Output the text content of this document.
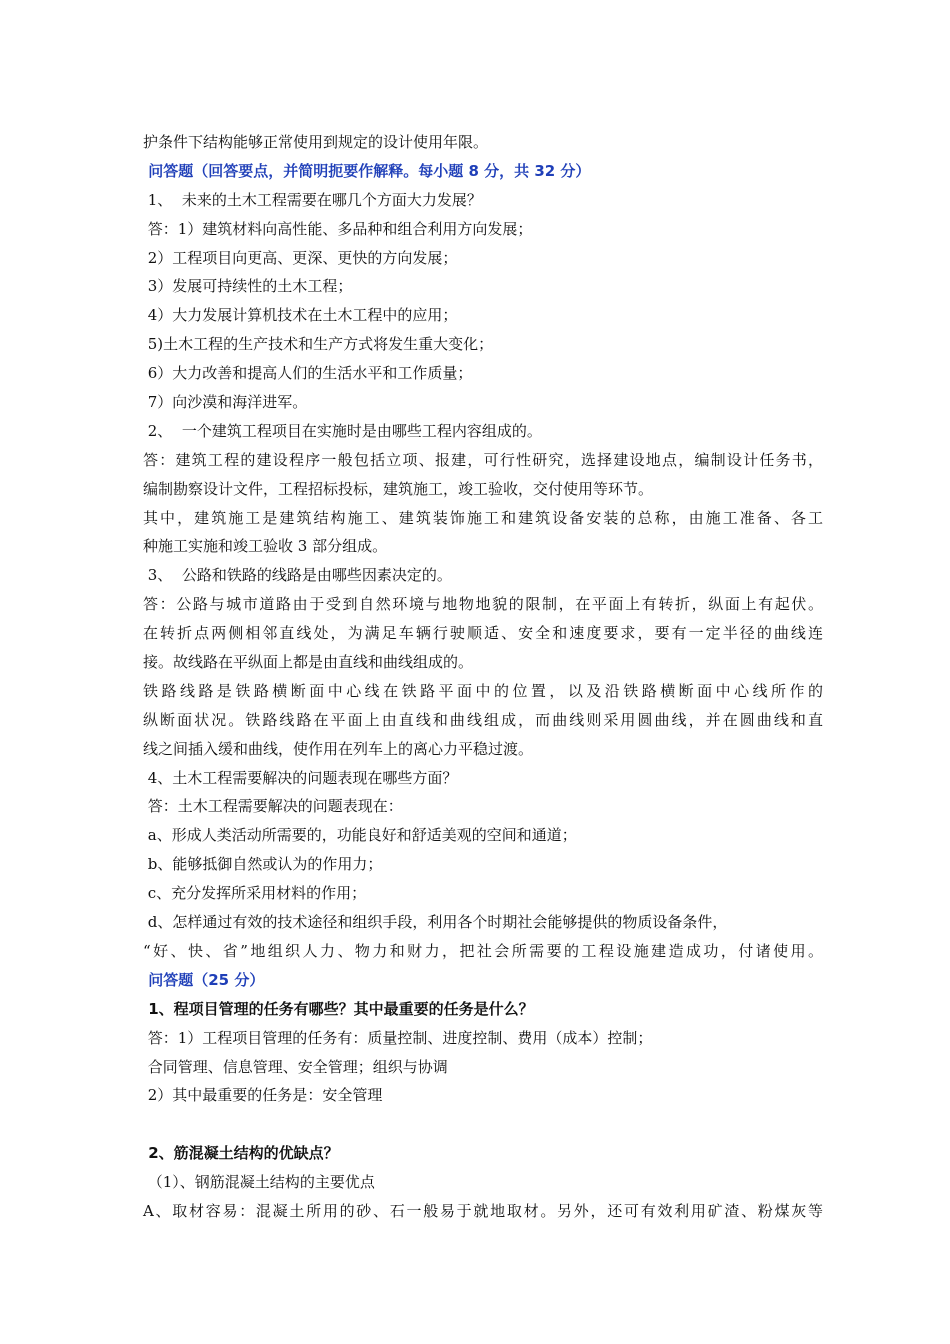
护条件下结构能够正常使用到规定的设计使用年限。
问答题（回答要点，并简明扼要作解释。每小题 8 分，共 32 分）
1、  未来的土木工程需要在哪几个方面大力发展？
答：1）建筑材料向高性能、多品种和组合利用方向发展；
2）工程项目向更高、更深、更快的方向发展；
3）发展可持续性的土木工程；
4）大力发展计算机技术在土木工程中的应用；
5)土木工程的生产技术和生产方式将发生重大变化；
6）大力改善和提高人们的生活水平和工作质量；
7）向沙漠和海洋进军。
2、  一个建筑工程项目在实施时是由哪些工程内容组成的。
答：建筑工程的建设程序一般包括立项、报建，可行性研究，选择建设地点，编制设计任务书，
编制勘察设计文件，工程招标投标，建筑施工，竣工验收，交付使用等环节。
其中，建筑施工是建筑结构施工、建筑装饰施工和建筑设备安装的总称，由施工准备、各工
种施工实施和竣工验收 3 部分组成。
3、  公路和铁路的线路是由哪些因素决定的。
答：公路与城市道路由于受到自然环境与地物地貌的限制，在平面上有转折，纵面上有起伏。
在转折点两侧相邻直线处，为满足车辆行驶顺适、安全和速度要求，要有一定半径的曲线连
接。故线路在平纵面上都是由直线和曲线组成的。
铁路线路是铁路横断面中心线在铁路平面中的位置，以及沿铁路横断面中心线所作的
纵断面状况。铁路线路在平面上由直线和曲线组成，而曲线则采用圆曲线，并在圆曲线和直
线之间插入缓和曲线，使作用在列车上的离心力平稳过渡。
4、土木工程需要解决的问题表现在哪些方面？
答：土木工程需要解决的问题表现在：
a、形成人类活动所需要的，功能良好和舒适美观的空间和通道；
b、能够抵御自然或认为的作用力；
c、充分发挥所采用材料的作用；
d、怎样通过有效的技术途径和组织手段，利用各个时期社会能够提供的物质设备条件，
“好、快、省”地组织人力、物力和财力，把社会所需要的工程设施建造成功，付诸使用。
问答题（25 分）
1、程项目管理的任务有哪些？其中最重要的任务是什么？
答：1）工程项目管理的任务有：质量控制、进度控制、费用（成本）控制；
合同管理、信息管理、安全管理；组织与协调
2）其中最重要的任务是：安全管理
2、筋混凝土结构的优缺点？
（1）、钢筋混凝土结构的主要优点
A、取材容易：混凝土所用的砂、石一般易于就地取材。另外，还可有效利用矿渣、粉煤灰等
